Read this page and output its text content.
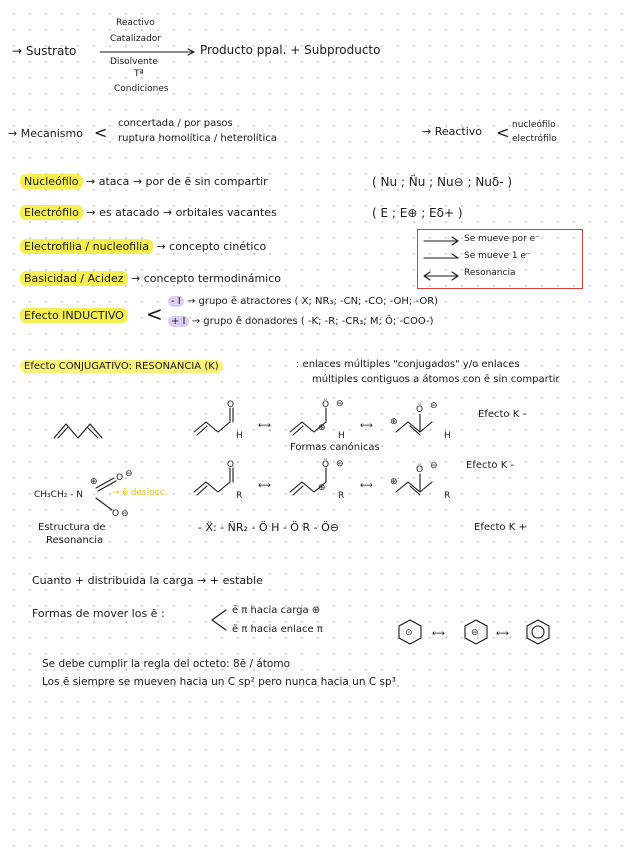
→ Sustrato
Reactivo
Catalizador
Disolvente
Tª
Condiciones
Producto ppal. + Subproducto
→ Mecanismo < concertada / por pasos
ruptura homolítica / heterolítica
→ Reactivo < nucleófilo
electrófilo
Nucleófilo → ataca → por de ē sin compartir	( Nu ; N̈u ; Nu⊖ ; Nuδ- )
Electrófilo → es atacado → orbitales vacantes	( E ; E⊕ ; Eδ+ )
Electrofilia / nucleofilia → concepto cinético
Basicidad / Acidez → concepto termodinámico
Efecto INDUCTIVO <
- I → grupo ē atractores ( X; NR₃; -CN; -CO; -OH; -OR)
+ I → grupo ē donadores ( -K; -R; -CR₃; M; Ō; -COO-)
Se mueve por e⁻
Se mueve 1 e⁻
Resonancia
Efecto CONJUGATIVO: RESONANCIA (K)	: enlaces múltiples "conjugados" y/o enlaces
múltiples contiguos a átomos con ē sin compartir
O
H
⟷
Ö ⊖
⊕
H
⟷ ⊕
Ö ⊖
H
Efecto K -
Formas canónicas
O
R
⟷
Ö ⊖
⊕
R
⟷ ⊕
Ö ⊖
R
Efecto K -
CH₃CH₂ - N
O ⊖
⊕
O ⊖
→ ē deslocc.
Estructura de
Resonancia
- Ẍ: - N̈R₂ - Ö H - Ö R - Ö⊖	Efecto K +
Cuanto + distribuida la carga → + estable
Formas de mover los ē :	ē π hacia carga ⊕
ē π hacia enlace π	⊙ ⟷	⊖ ⟷
Se debe cumplir la regla del octeto: 8ē / átomo
Los ē siempre se mueven hacia un C sp² pero nunca hacia un C sp³
